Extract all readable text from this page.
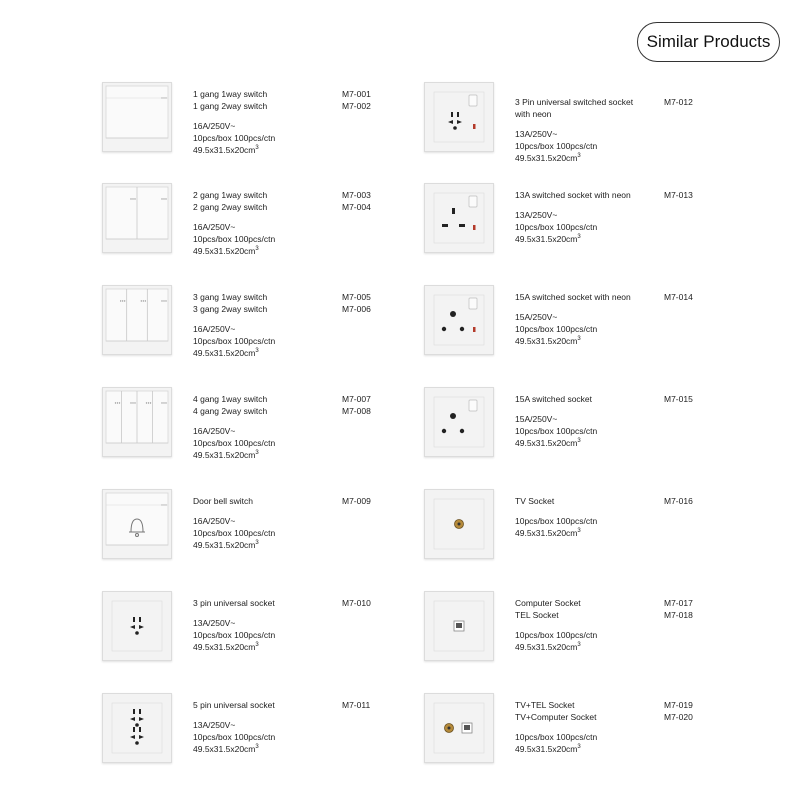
Similar Products
1 gang 1way switch
1 gang 2way switch
16A/250V~
10pcs/box 100pcs/ctn
$49.5x31.5x20cm^3$
M7-001
M7-002
2 gang 1way switch
2 gang 2way switch
16A/250V~
10pcs/box 100pcs/ctn
$49.5x31.5x20cm^3$
M7-003
M7-004
3 gang 1way switch
3 gang 2way switch
16A/250V~
10pcs/box 100pcs/ctn
$49.5x31.5x20cm^3$
M7-005
M7-006
4 gang 1way switch
4 gang 2way switch
16A/250V~
10pcs/box 100pcs/ctn
$49.5x31.5x20cm^3$
M7-007
M7-008
Door bell switch
16A/250V~
10pcs/box 100pcs/ctn
$49.5x31.5x20cm^3$
M7-009
3 pin universal socket
13A/250V~
10pcs/box 100pcs/ctn
$49.5x31.5x20cm^3$
M7-010
5 pin universal socket
13A/250V~
10pcs/box 100pcs/ctn
$49.5x31.5x20cm^3$
M7-011
3 Pin universal switched socket
with neon
13A/250V~
10pcs/box 100pcs/ctn
$49.5x31.5x20cm^3$
M7-012
13A switched socket with neon
13A/250V~
10pcs/box 100pcs/ctn
$49.5x31.5x20cm^3$
M7-013
15A switched socket with neon
15A/250V~
10pcs/box 100pcs/ctn
$49.5x31.5x20cm^3$
M7-014
15A switched socket
15A/250V~
10pcs/box 100pcs/ctn
$49.5x31.5x20cm^3$
M7-015
TV Socket
10pcs/box 100pcs/ctn
$49.5x31.5x20cm^3$
M7-016
Computer Socket
TEL Socket
10pcs/box 100pcs/ctn
$49.5x31.5x20cm^3$
M7-017
M7-018
TV+TEL Socket
TV+Computer Socket
10pcs/box 100pcs/ctn
$49.5x31.5x20cm^3$
M7-019
M7-020
